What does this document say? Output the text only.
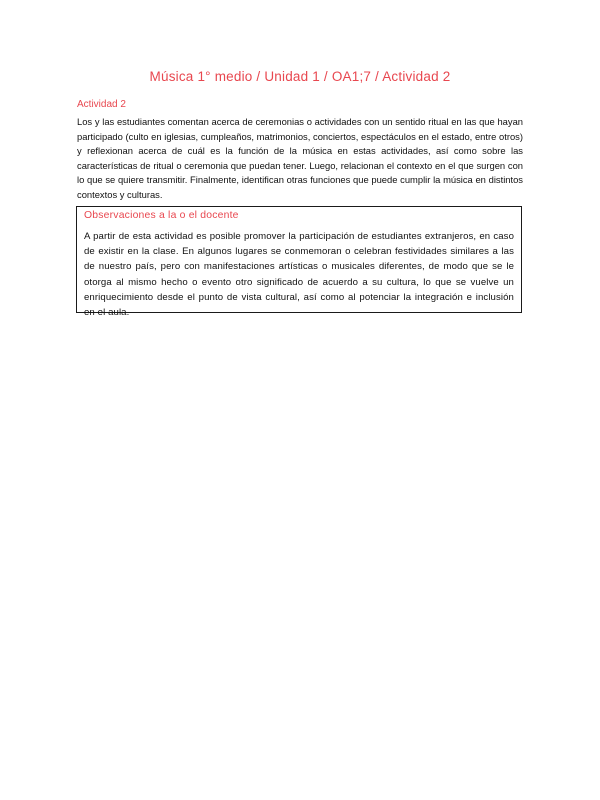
Música 1° medio / Unidad 1 / OA1;7 / Actividad 2
Actividad 2
Los y las estudiantes comentan acerca de ceremonias o actividades con un sentido ritual en las que hayan participado (culto en iglesias, cumpleaños, matrimonios, conciertos, espectáculos en el estado, entre otros) y reflexionan acerca de cuál es la función de la música en estas actividades, así como sobre las características de ritual o ceremonia que puedan tener. Luego, relacionan el contexto en el que surgen con lo que se quiere transmitir. Finalmente, identifican otras funciones que puede cumplir la música en distintos contextos y culturas.
Observaciones a la o el docente
A partir de esta actividad es posible promover la participación de estudiantes extranjeros, en caso de existir en la clase. En algunos lugares se conmemoran o celebran festividades similares a las de nuestro país, pero con manifestaciones artísticas o musicales diferentes, de modo que se le otorga al mismo hecho o evento otro significado de acuerdo a su cultura, lo que se vuelve un enriquecimiento desde el punto de vista cultural, así como al potenciar la integración e inclusión en el aula.
